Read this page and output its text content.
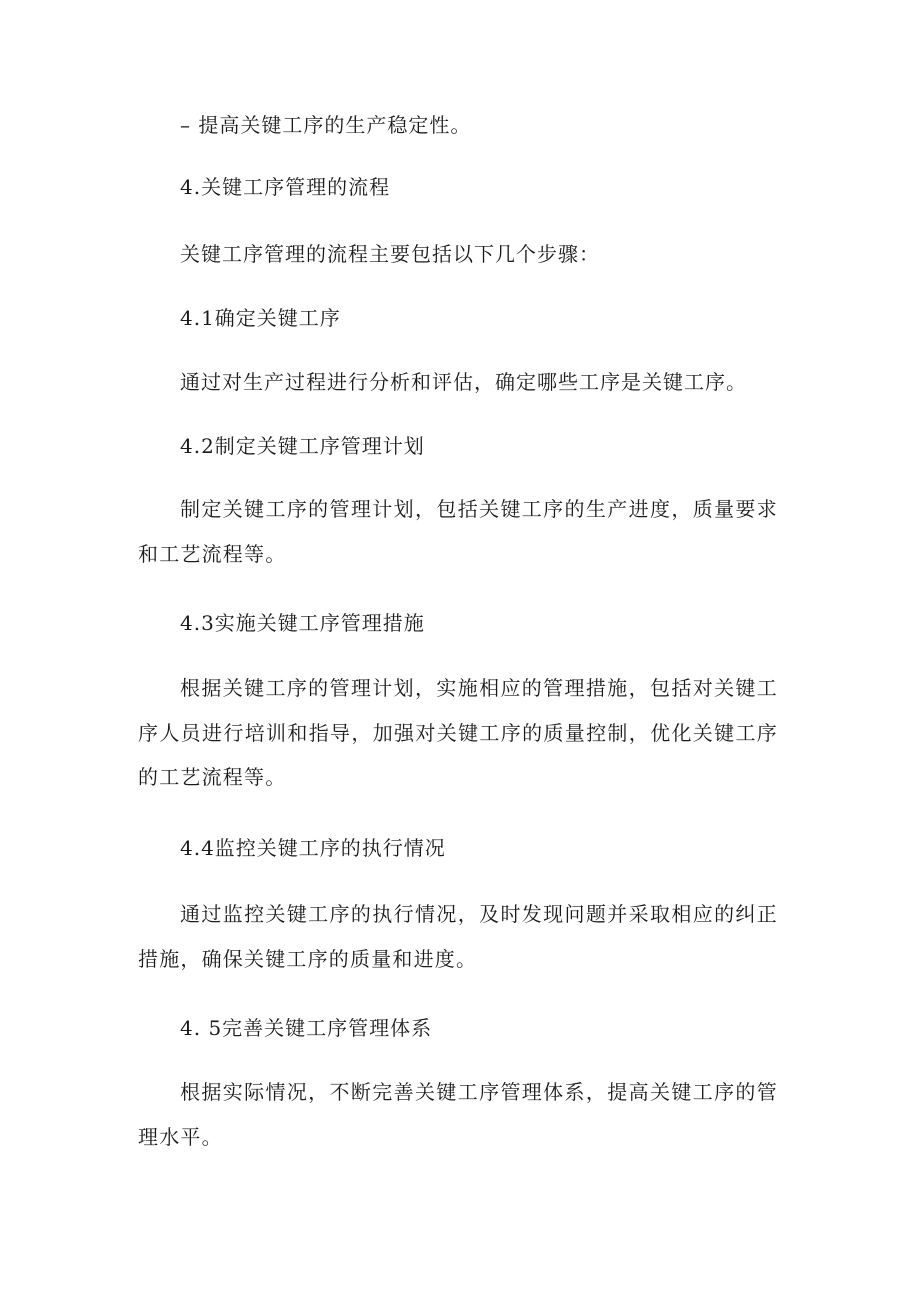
– 提高关键工序的生产稳定性。
4.关键工序管理的流程
关键工序管理的流程主要包括以下几个步骤：
4.1确定关键工序
通过对生产过程进行分析和评估，确定哪些工序是关键工序。
4.2制定关键工序管理计划
制定关键工序的管理计划，包括关键工序的生产进度，质量要求和工艺流程等。
4.3实施关键工序管理措施
根据关键工序的管理计划，实施相应的管理措施，包括对关键工序人员进行培训和指导，加强对关键工序的质量控制，优化关键工序的工艺流程等。
4.4监控关键工序的执行情况
通过监控关键工序的执行情况，及时发现问题并采取相应的纠正措施，确保关键工序的质量和进度。
4. 5完善关键工序管理体系
根据实际情况，不断完善关键工序管理体系，提高关键工序的管理水平。
